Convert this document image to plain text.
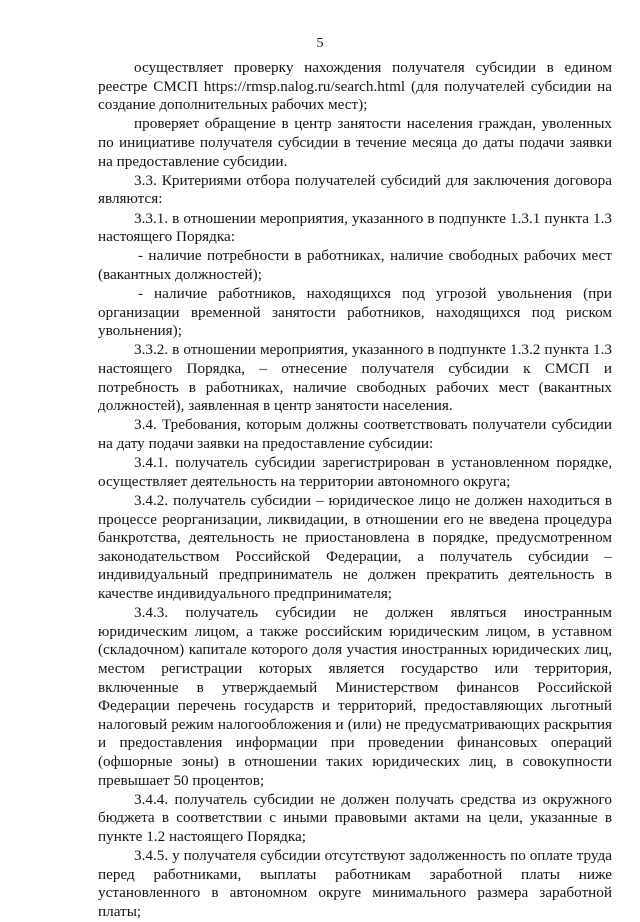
5

осуществляет проверку нахождения получателя субсидии в едином реестре СМСП https://rmsp.nalog.ru/search.html (для получателей субсидии на создание дополнительных рабочих мест);

проверяет обращение в центр занятости населения граждан, уволенных по инициативе получателя субсидии в течение месяца до даты подачи заявки на предоставление субсидии.

3.3. Критериями отбора получателей субсидий для заключения договора являются:

3.3.1. в отношении мероприятия, указанного в подпункте 1.3.1 пункта 1.3 настоящего Порядка:

- наличие потребности в работниках, наличие свободных рабочих мест (вакантных должностей);

- наличие работников, находящихся под угрозой увольнения (при организации временной занятости работников, находящихся под риском увольнения);

3.3.2. в отношении мероприятия, указанного в подпункте 1.3.2 пункта 1.3 настоящего Порядка, – отнесение получателя субсидии к СМСП и потребность в работниках, наличие свободных рабочих мест (вакантных должностей), заявленная в центр занятости населения.

3.4. Требования, которым должны соответствовать получатели субсидии на дату подачи заявки на предоставление субсидии:

3.4.1. получатель субсидии зарегистрирован в установленном порядке, осуществляет деятельность на территории автономного округа;

3.4.2. получатель субсидии – юридическое лицо не должен находиться в процессе реорганизации, ликвидации, в отношении его не введена процедура банкротства, деятельность не приостановлена в порядке, предусмотренном законодательством Российской Федерации, а получатель субсидии – индивидуальный предприниматель не должен прекратить деятельность в качестве индивидуального предпринимателя;

3.4.3. получатель субсидии не должен являться иностранным юридическим лицом, а также российским юридическим лицом, в уставном (складочном) капитале которого доля участия иностранных юридических лиц, местом регистрации которых является государство или территория, включенные в утверждаемый Министерством финансов Российской Федерации перечень государств и территорий, предоставляющих льготный налоговый режим налогообложения и (или) не предусматривающих раскрытия и предоставления информации при проведении финансовых операций (офшорные зоны) в отношении таких юридических лиц, в совокупности превышает 50 процентов;

3.4.4. получатель субсидии не должен получать средства из окружного бюджета в соответствии с иными правовыми актами на цели, указанные в пункте 1.2 настоящего Порядка;

3.4.5. у получателя субсидии отсутствуют задолженность по оплате труда перед работниками, выплаты работникам заработной платы ниже установленного в автономном округе минимального размера заработной платы;
